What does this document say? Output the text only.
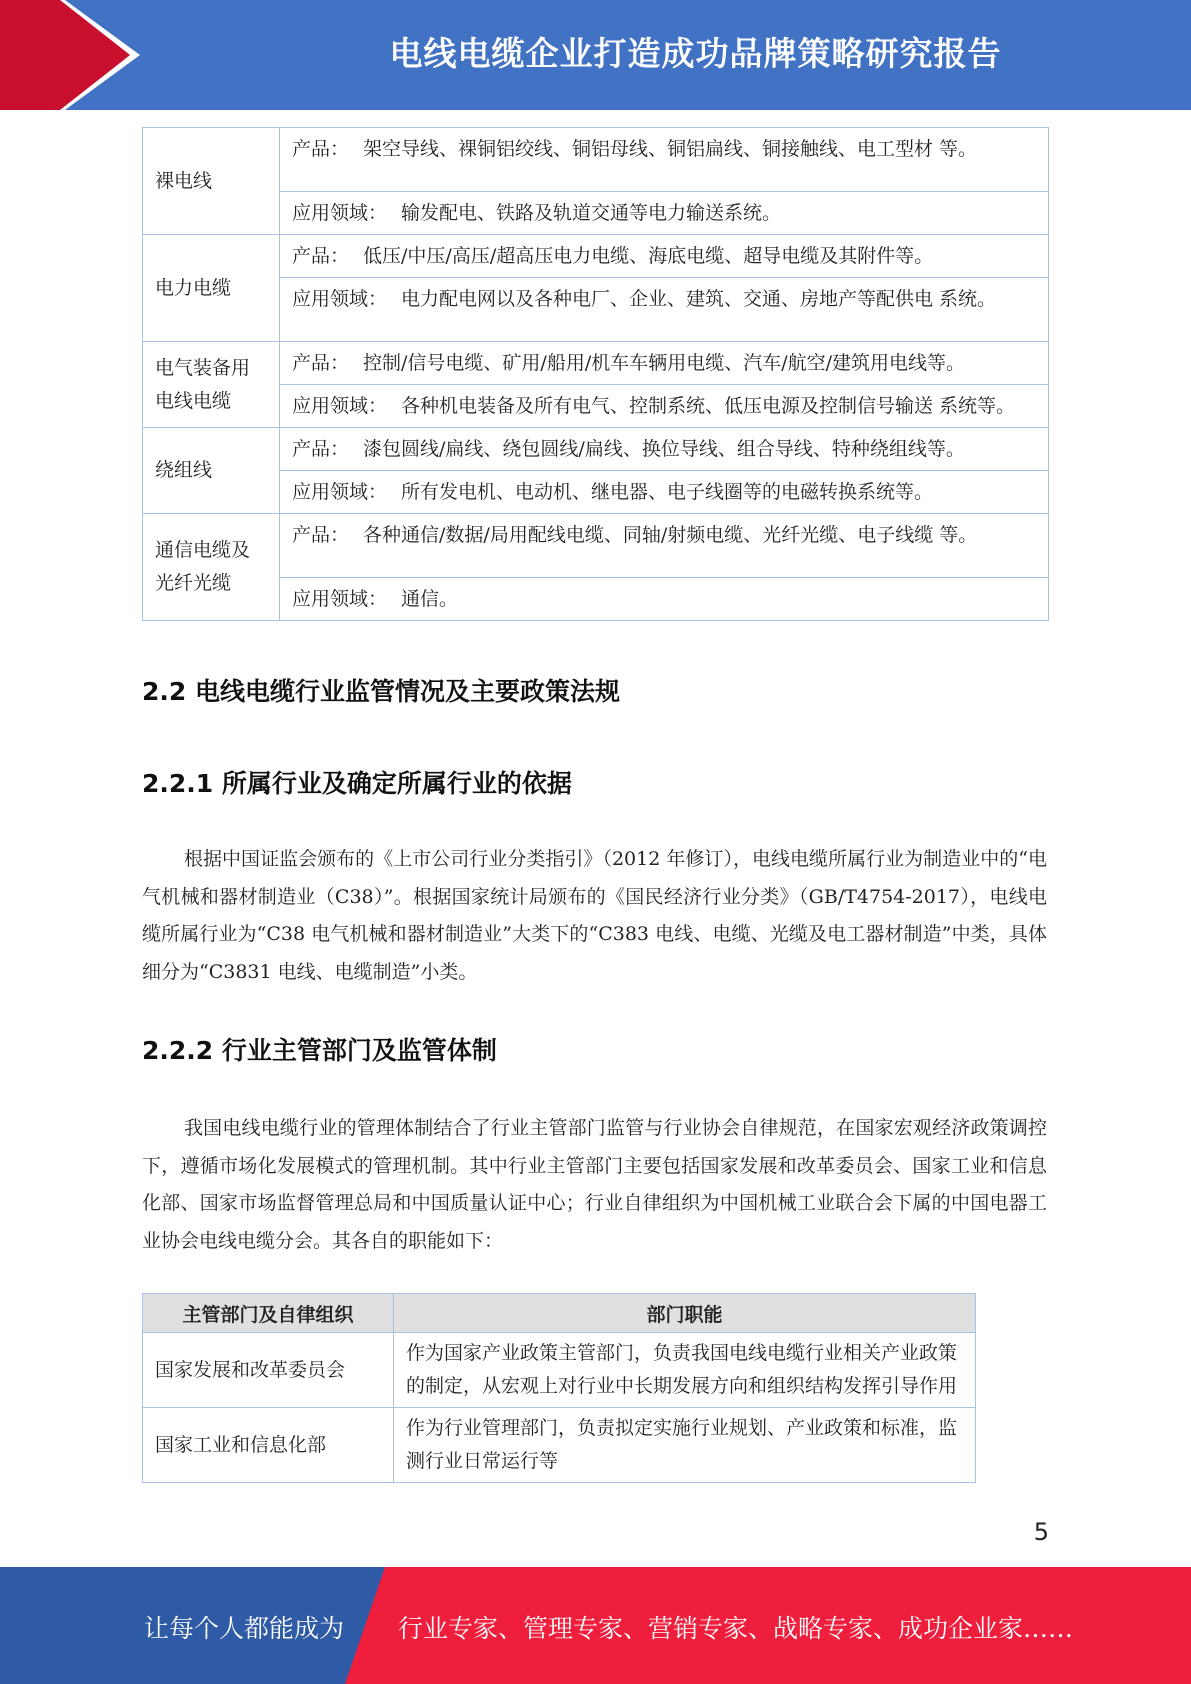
电线电缆企业打造成功品牌策略研究报告
裸电线	产品： 架空导线、裸铜铝绞线、铜铝母线、铜铝扁线、铜接触线、电工型材 等。
	应用领域： 输发配电、铁路及轨道交通等电力输送系统。
电力电缆	产品： 低压/中压/高压/超高压电力电缆、海底电缆、超导电缆及其附件等。
	应用领域： 电力配电网以及各种电厂、企业、建筑、交通、房地产等配供电 系统。
电气装备用电线电缆	产品： 控制/信号电缆、矿用/船用/机车车辆用电缆、汽车/航空/建筑用电线等。
	应用领域： 各种机电装备及所有电气、控制系统、低压电源及控制信号输送 系统等。
绕组线	产品： 漆包圆线/扁线、绕包圆线/扁线、换位导线、组合导线、特种绕组线等。
	应用领域： 所有发电机、电动机、继电器、电子线圈等的电磁转换系统等。
通信电缆及光纤光缆	产品： 各种通信/数据/局用配线电缆、同轴/射频电缆、光纤光缆、电子线缆 等。
	应用领域： 通信。
2.2 电线电缆行业监管情况及主要政策法规
2.2.1 所属行业及确定所属行业的依据
根据中国证监会颁布的《上市公司行业分类指引》（2012 年修订），电线电缆所属行业为制造业中的“电气机械和器材制造业（C38）”。根据国家统计局颁布的《国民经济行业分类》（GB/T4754-2017），电线电缆所属行业为“C38 电气机械和器材制造业”大类下的“C383 电线、电缆、光缆及电工器材制造”中类，具体细分为“C3831 电线、电缆制造”小类。
2.2.2 行业主管部门及监管体制
我国电线电缆行业的管理体制结合了行业主管部门监管与行业协会自律规范，在国家宏观经济政策调控下，遵循市场化发展模式的管理机制。其中行业主管部门主要包括国家发展和改革委员会、国家工业和信息化部、国家市场监督管理总局和中国质量认证中心；行业自律组织为中国机械工业联合会下属的中国电器工业协会电线电缆分会。其各自的职能如下：
主管部门及自律组织	部门职能
国家发展和改革委员会	作为国家产业政策主管部门，负责我国电线电缆行业相关产业政策的制定，从宏观上对行业中长期发展方向和组织结构发挥引导作用
国家工业和信息化部	作为行业管理部门，负责拟定实施行业规划、产业政策和标准，监测行业日常运行等
5
让每个人都能成为 行业专家、管理专家、营销专家、战略专家、成功企业家……
